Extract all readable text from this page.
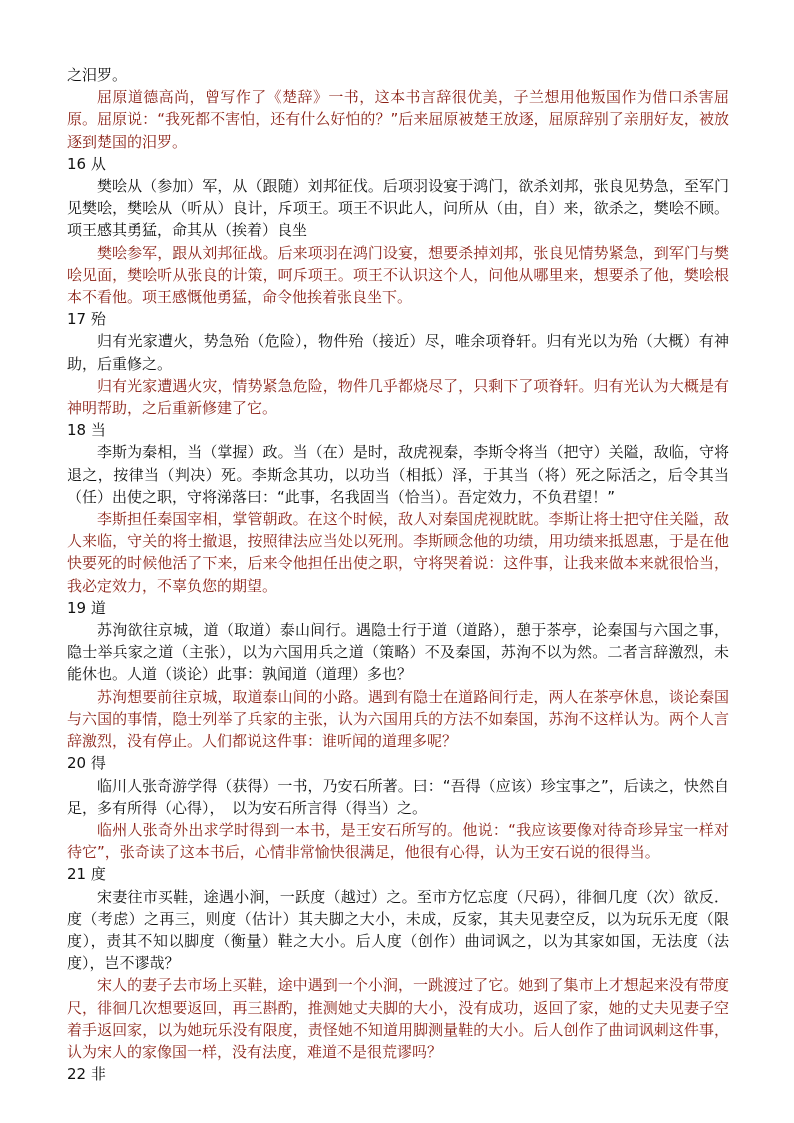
之汨罗。

屈原道德高尚，曾写作了《楚辞》一书，这本书言辞很优美，子兰想用他叛国作为借口杀害屈原。屈原说：“我死都不害怕，还有什么好怕的？”后来屈原被楚王放逐，屈原辞别了亲朋好友，被放逐到楚国的汨罗。

16 从

樊哙从（参加）军，从（跟随）刘邦征伐。后项羽设宴于鸿门，欲杀刘邦，张良见势急，至军门见樊哙，樊哙从（听从）良计，斥项王。项王不识此人，问所从（由，自）来，欲杀之，樊哙不顾。项王感其勇猛，命其从（挨着）良坐

樊哙参军，跟从刘邦征战。后来项羽在鸿门设宴，想要杀掉刘邦，张良见情势紧急，到军门与樊哙见面，樊哙听从张良的计策，呵斥项王。项王不认识这个人，问他从哪里来，想要杀了他，樊哙根本不看他。项王感慨他勇猛，命令他挨着张良坐下。

17 殆

归有光家遭火，势急殆（危险），物件殆（接近）尽，唯余项脊轩。归有光以为殆（大概）有神助，后重修之。

归有光家遭遇火灾，情势紧急危险，物件几乎都烧尽了，只剩下了项脊轩。归有光认为大概是有神明帮助，之后重新修建了它。

18 当

李斯为秦相，当（掌握）政。当（在）是时，敌虎视秦，李斯令将当（把守）关隘，敌临，守将退之，按律当（判决）死。李斯念其功，以功当（相抵）泽，于其当（将）死之际活之，后令其当（任）出使之职，守将涕落曰：“此事，名我固当（恰当）。吾定效力，不负君望！”

李斯担任秦国宰相，掌管朝政。在这个时候，敌人对秦国虎视眈眈。李斯让将士把守住关隘，敌人来临，守关的将士撤退，按照律法应当处以死刑。李斯顾念他的功绩，用功绩来抵恩惠，于是在他快要死的时候他活了下来，后来令他担任出使之职，守将哭着说：这件事，让我来做本来就很恰当，我必定效力，不辜负您的期望。

19 道

苏洵欲往京城，道（取道）泰山间行。遇隐士行于道（道路），憩于茶亭，论秦国与六国之事，隐士举兵家之道（主张），以为六国用兵之道（策略）不及秦国，苏洵不以为然。二者言辞激烈，未能休也。人道（谈论）此事：孰闻道（道理）多也？

苏洵想要前往京城，取道泰山间的小路。遇到有隐士在道路间行走，两人在茶亭休息，谈论秦国与六国的事情，隐士列举了兵家的主张，认为六国用兵的方法不如秦国，苏洵不这样认为。两个人言辞激烈，没有停止。人们都说这件事：谁听闻的道理多呢？

20 得

临川人张奇游学得（获得）一书，乃安石所著。曰：“吾得（应该）珍宝事之”，后读之，快然自足，多有所得（心得），　以为安石所言得（得当）之。

临州人张奇外出求学时得到一本书，是王安石所写的。他说：“我应该要像对待奇珍异宝一样对待它”，张奇读了这本书后，心情非常愉快很满足，他很有心得，认为王安石说的很得当。

21 度

宋妻往市买鞋，途遇小涧，一跃度（越过）之。至市方忆忘度（尺码），徘徊几度（次）欲反．度（考虑）之再三，则度（估计）其夫脚之大小，未成，反家，其夫见妻空反，以为玩乐无度（限度），责其不知以脚度（衡量）鞋之大小。后人度（创作）曲词讽之，以为其家如国，无法度（法度），岂不谬哉？

宋人的妻子去市场上买鞋，途中遇到一个小涧，一跳渡过了它。她到了集市上才想起来没有带度尺，徘徊几次想要返回，再三斟酌，推测她丈夫脚的大小，没有成功，返回了家，她的丈夫见妻子空着手返回家，以为她玩乐没有限度，责怪她不知道用脚测量鞋的大小。后人创作了曲词讽刺这件事，认为宋人的家像国一样，没有法度，难道不是很荒谬吗？

22 非
